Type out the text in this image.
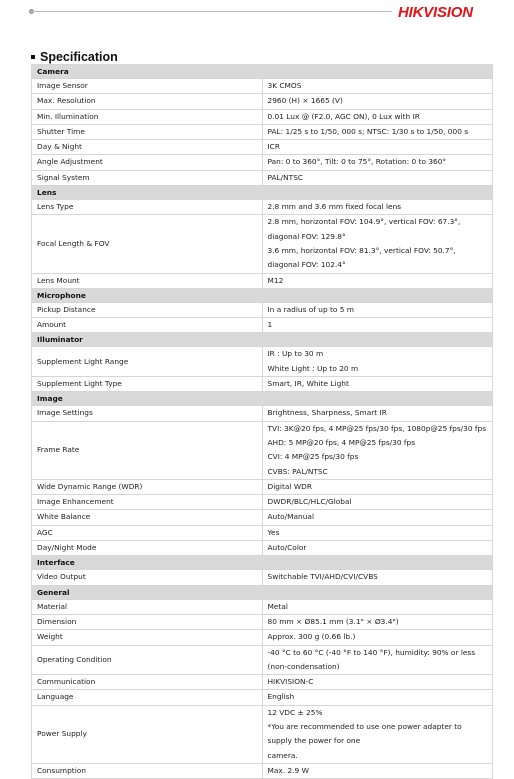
HIKVISION
Specification
Camera	
Image Sensor	3K CMOS

Max. Resolution	2960 (H) × 1665 (V)

Min. Illumination	0.01 Lux @ (F2.0, AGC ON), 0 Lux with IR

Shutter Time	PAL: 1/25 s to 1/50, 000 s; NTSC: 1/30 s to 1/50, 000 s

Day & Night	ICR

Angle Adjustment	Pan: 0 to 360°, Tilt: 0 to 75°, Rotation: 0 to 360°

Signal System	PAL/NTSC

Lens	
Lens Type	2.8 mm and 3.6 mm fixed focal lens

Focal Length & FOV	2.8 mm, horizontal FOV: 104.9°, vertical FOV: 67.3°, diagonal FOV: 129.8°
3.6 mm, horizontal FOV: 81.3°, vertical FOV: 50.7°, diagonal FOV: 102.4°

Lens Mount	M12

Microphone	
Pickup Distance	In a radius of up to 5 m

Amount	1

Illuminator	
Supplement Light Range	IR : Up to 30 m
White Light : Up to 20 m

Supplement Light Type	Smart, IR, White Light

Image	
Image Settings	Brightness, Sharpness, Smart IR

Frame Rate	TVI: 3K@20 fps, 4 MP@25 fps/30 fps, 1080p@25 fps/30 fps
AHD: 5 MP@20 fps, 4 MP@25 fps/30 fps
CVI: 4 MP@25 fps/30 fps
CVBS: PAL/NTSC

Wide Dynamic Range (WDR)	Digital WDR

Image Enhancement	DWDR/BLC/HLC/Global

White Balance	Auto/Manual

AGC	Yes

Day/Night Mode	Auto/Color

Interface	
Video Output	Switchable TVI/AHD/CVI/CVBS

General	
Material	Metal

Dimension	80 mm × Ø85.1 mm (3.1" × Ø3.4")

Weight	Approx. 300 g (0.66 lb.)

Operating Condition	-40 °C to 60 °C (-40 °F to 140 °F), humidity: 90% or less (non-condensation)

Communication	HIKVISION-C

Language	English

Power Supply	12 VDC ± 25%
*You are recommended to use one power adapter to supply the power for one
camera.

Consumption	Max. 2.9 W
